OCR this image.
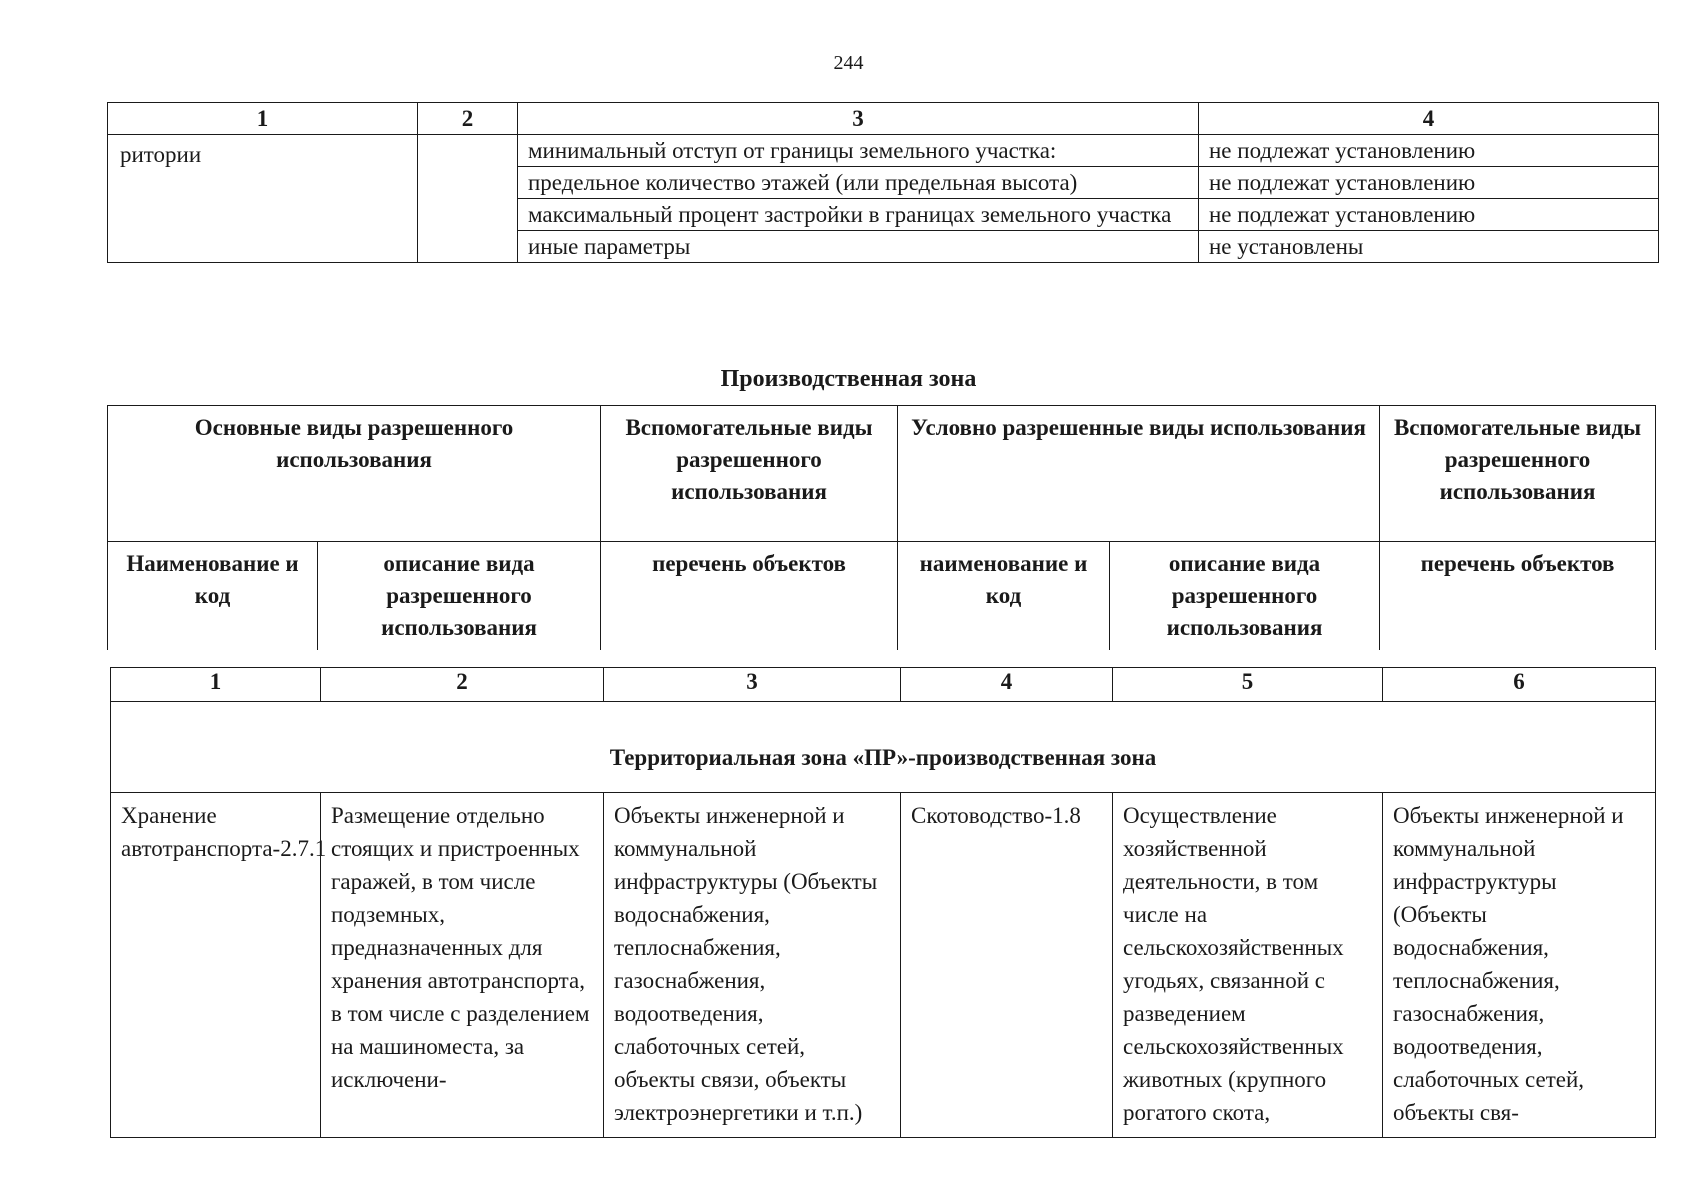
244
1	2	3	4
ритории		минимальный отступ от границы земельного участка:	не подлежат установлению
		предельное количество этажей (или предельная высота)	не подлежат установлению
		максимальный процент застройки в границах земельного участка	не подлежат установлению
		иные параметры	не установлены
Производственная зона
Основные виды разрешенного использования		Вспомогательные виды разрешенного использования	Условно разрешенные виды использования		Вспомогательные виды разрешенного использования
Наименование и код	описание вида разрешенного использования	перечень объектов	наименование и код	описание вида разрешенного использования	перечень объектов
1	2	3	4	5	6
Территориальная зона «ПР»-производственная зона					
Хранение автотранспорта-2.7.1	Размещение отдельно стоящих и пристроенных гаражей, в том числе подземных, предназначенных для хранения автотранспорта, в том числе с разделением на машиноместа, за исключени-	Объекты инженерной и коммунальной инфраструктуры (Объекты водоснабжения, теплоснабжения, газоснабжения, водоотведения, слаботочных сетей, объекты связи, объекты электроэнергетики и т.п.)	Скотоводство-1.8	Осуществление хозяйственной деятельности, в том числе на сельскохозяйственных угодьях, связанной с разведением сельскохозяйственных животных (крупного рогатого скота,	Объекты инженерной и коммунальной инфраструктуры (Объекты водоснабжения, теплоснабжения, газоснабжения, водоотведения, слаботочных сетей, объекты свя-
